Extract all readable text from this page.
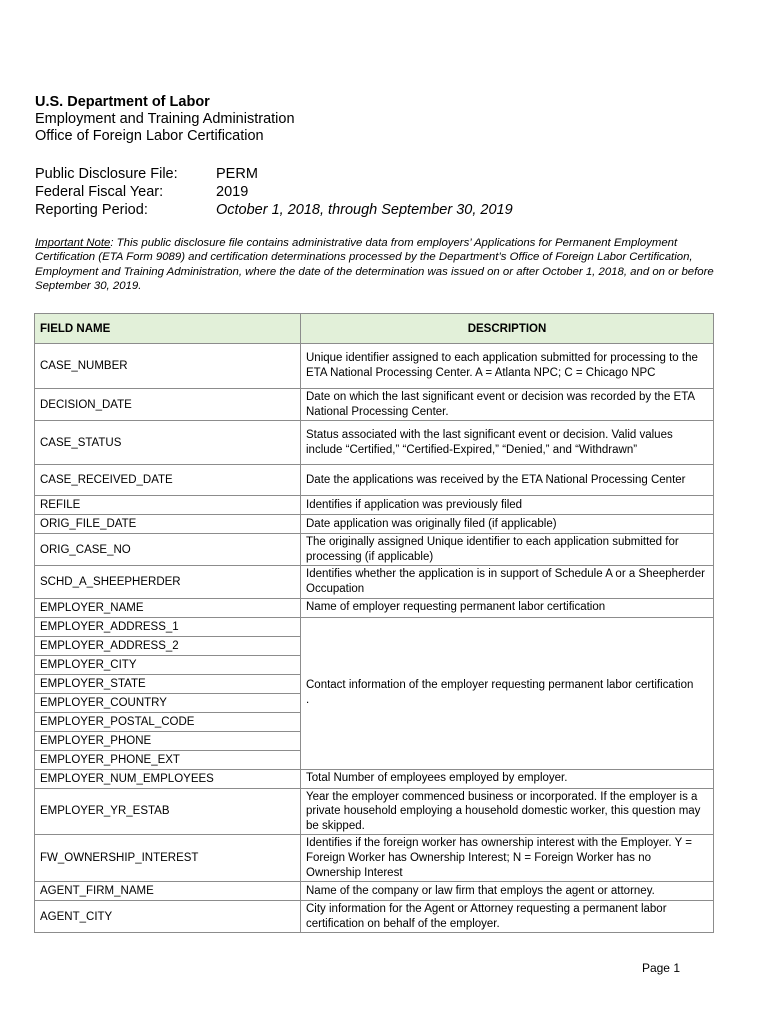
U.S. Department of Labor
Employment and Training Administration
Office of Foreign Labor Certification
Public Disclosure File:	PERM
Federal Fiscal Year:	2019
Reporting Period:	October 1, 2018, through September 30, 2019
Important Note: This public disclosure file contains administrative data from employers’ Applications for Permanent Employment Certification (ETA Form 9089) and certification determinations processed by the Department’s Office of Foreign Labor Certification, Employment and Training Administration, where the date of the determination was issued on or after October 1, 2018, and on or before September 30, 2019.
FIELD NAME	DESCRIPTION
CASE_NUMBER	Unique identifier assigned to each application submitted for processing to the ETA National Processing Center. A = Atlanta NPC; C = Chicago NPC
DECISION_DATE	Date on which the last significant event or decision was recorded by the ETA National Processing Center.
CASE_STATUS	Status associated with the last significant event or decision. Valid values include “Certified,” “Certified-Expired,” “Denied,” and “Withdrawn”
CASE_RECEIVED_DATE	Date the applications was received by the ETA National Processing Center
REFILE	Identifies if application was previously filed
ORIG_FILE_DATE	Date application was originally filed (if applicable)
ORIG_CASE_NO	The originally assigned Unique identifier to each application submitted for processing (if applicable)
SCHD_A_SHEEPHERDER	Identifies whether the application is in support of Schedule A or a Sheepherder Occupation
EMPLOYER_NAME	Name of employer requesting permanent labor certification
EMPLOYER_ADDRESS_1	Contact information of the employer requesting permanent labor certification
.

EMPLOYER_ADDRESS_2	
EMPLOYER_CITY	
EMPLOYER_STATE	
EMPLOYER_COUNTRY	
EMPLOYER_POSTAL_CODE	
EMPLOYER_PHONE	
EMPLOYER_PHONE_EXT	
EMPLOYER_NUM_EMPLOYEES	Total Number of employees employed by employer.
EMPLOYER_YR_ESTAB	Year the employer commenced business or incorporated. If the employer is a private household employing a household domestic worker, this question may be skipped.
FW_OWNERSHIP_INTEREST	Identifies if the foreign worker has ownership interest with the Employer. Y = Foreign Worker has Ownership Interest; N = Foreign Worker has no Ownership Interest
AGENT_FIRM_NAME	Name of the company or law firm that employs the agent or attorney.
AGENT_CITY	City information for the Agent or Attorney requesting a permanent labor certification on behalf of the employer.
Page 1
